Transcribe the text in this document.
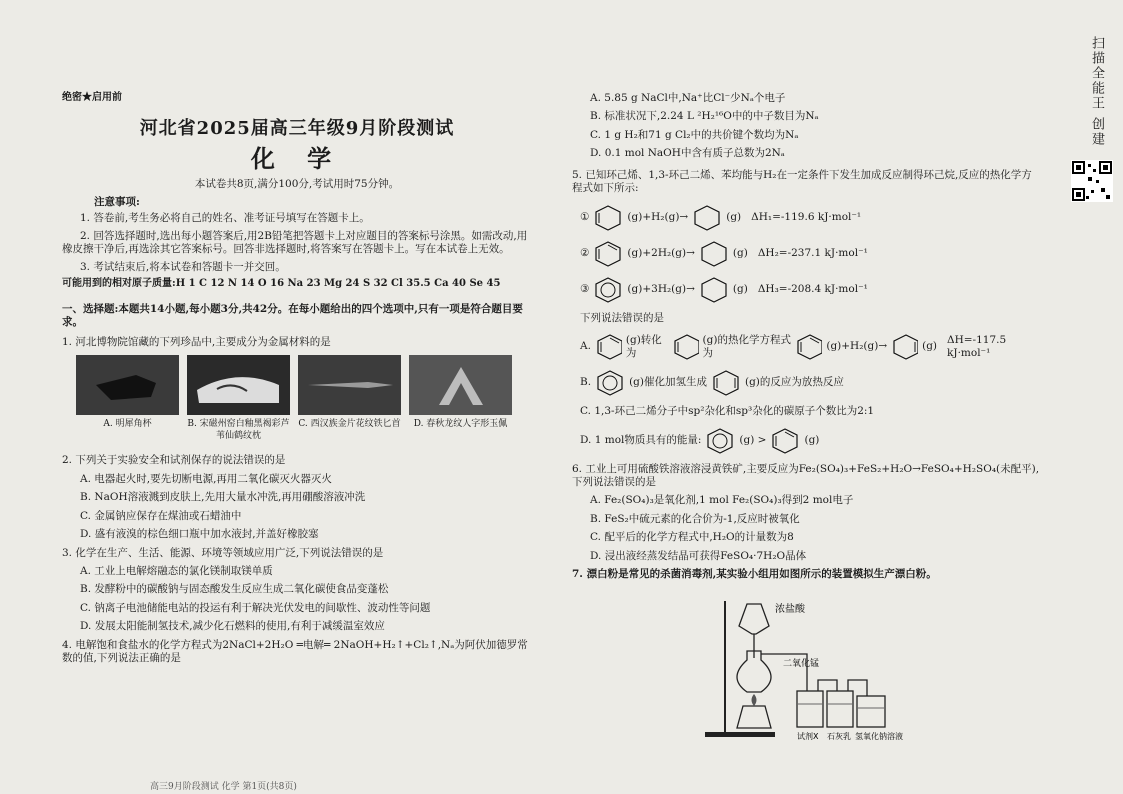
绝密★启用前
河北省2025届高三年级9月阶段测试
化 学
本试卷共8页,满分100分,考试用时75分钟。
注意事项:
1. 答卷前,考生务必将自己的姓名、准考证号填写在答题卡上。
2. 回答选择题时,选出每小题答案后,用2B铅笔把答题卡上对应题目的答案标号涂黑。如需改动,用橡皮擦干净后,再选涂其它答案标号。回答非选择题时,将答案写在答题卡上。写在本试卷上无效。
3. 考试结束后,将本试卷和答题卡一并交回。
可能用到的相对原子质量:H 1 C 12 N 14 O 16 Na 23 Mg 24 S 32 Cl 35.5 Ca 40 Se 45
一、选择题:本题共14小题,每小题3分,共42分。在每小题给出的四个选项中,只有一项是符合题目要求。
1. 河北博物院馆藏的下列珍品中,主要成分为金属材料的是
A. 明犀角杯	B. 宋磁州窑白釉黑褐彩芦苇仙鹤纹枕
C. 西汉族金片花纹铁匕首	D. 春秋龙纹人字形玉佩
2. 下列关于实验安全和试剂保存的说法错误的是
A. 电器起火时,要先切断电源,再用二氧化碳灭火器灭火
B. NaOH溶液溅到皮肤上,先用大量水冲洗,再用硼酸溶液冲洗
C. 金属钠应保存在煤油或石蜡油中
D. 盛有液溴的棕色细口瓶中加水液封,并盖好橡胶塞
3. 化学在生产、生活、能源、环境等领域应用广泛,下列说法错误的是
A. 工业上电解熔融态的氯化镁制取镁单质
B. 发酵粉中的碳酸钠与固态酸发生反应生成二氧化碳使食品变蓬松
C. 钠离子电池储能电站的投运有利于解决光伏发电的间歇性、波动性等问题
D. 发展太阳能制氢技术,减少化石燃料的使用,有利于减缓温室效应
4. 电解饱和食盐水的化学方程式为2NaCl+2H₂O ═电解═ 2NaOH+H₂↑+Cl₂↑,Nₐ为阿伏加德罗常数的值,下列说法正确的是
A. 5.85 g NaCl中,Na⁺比Cl⁻少Nₐ个电子
B. 标准状况下,2.24 L ²H₂¹⁶O中的中子数目为Nₐ
C. 1 g H₂和71 g Cl₂中的共价键个数均为Nₐ
D. 0.1 mol NaOH中含有质子总数为2Nₐ
5. 已知环己烯、1,3-环己二烯、苯均能与H₂在一定条件下发生加成反应制得环己烷,反应的热化学方程式如下所示:
①	(g)+H₂(g)→	(g) ΔH₁=-119.6 kJ·mol⁻¹
②	(g)+2H₂(g)→	(g) ΔH₂=-237.1 kJ·mol⁻¹
③	(g)+3H₂(g)→	(g) ΔH₃=-208.4 kJ·mol⁻¹
下列说法错误的是
A.
(g)转化为
(g)的热化学方程式为
(g)+H₂(g)→	(g)
ΔH=-117.5 kJ·mol⁻¹
B.	(g)催化加氢生成	(g)的反应为放热反应
C. 1,3-环己二烯分子中sp²杂化和sp³杂化的碳原子个数比为2:1
D. 1 mol物质具有的能量:	(g) >	(g)
6. 工业上可用硫酸铁溶液溶浸黄铁矿,主要反应为Fe₂(SO₄)₃+FeS₂+H₂O→FeSO₄+H₂SO₄(未配平),下列说法错误的是
A. Fe₂(SO₄)₃是氧化剂,1 mol Fe₂(SO₄)₃得到2 mol电子
B. FeS₂中硫元素的化合价为-1,反应时被氧化
C. 配平后的化学方程式中,H₂O的计量数为8
D. 浸出液经蒸发结晶可获得FeSO₄·7H₂O晶体
7. 漂白粉是常见的杀菌消毒剂,某实验小组用如图所示的装置模拟生产漂白粉。
浓盐酸
二氧化锰
试剂X 石灰乳 氢氧化钠溶液
高三9月阶段测试 化学 第1页(共8页)
扫描全能王 创建
